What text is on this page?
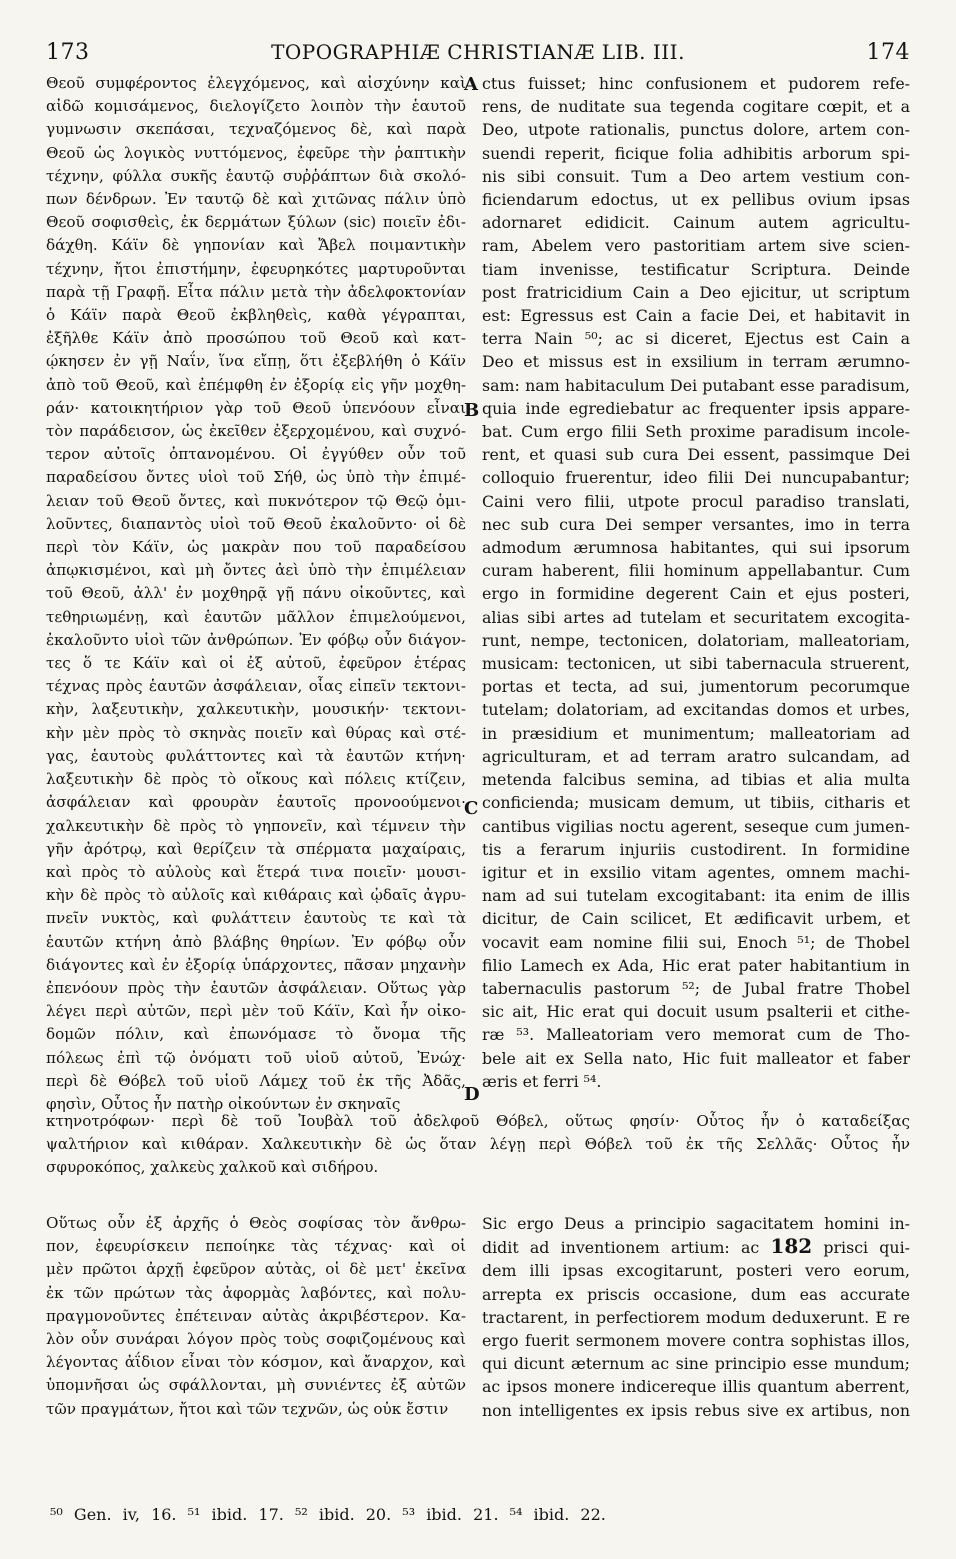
173	TOPOGRAPHIÆ CHRISTIANÆ LIB. III.	174
Θεοῦ συμφέροντος ἐλεγχόμενος, καὶ αἰσχύνην καὶ
αἰδῶ κομισάμενος, διελογίζετο λοιπὸν τὴν ἑαυτοῦ
γυμνωσιν σκεπάσαι, τεχναζόμενος δὲ, καὶ παρὰ
Θεοῦ ὡς λογικὸς νυττόμενος, ἐφεῦρε τὴν ῥαπτικὴν
τέχνην, φύλλα συκῆς ἑαυτῷ συῤῥάπτων διὰ σκολό-
πων δένδρων. Ἐν ταυτῷ δὲ καὶ χιτῶνας πάλιν ὑπὸ
Θεοῦ σοφισθεὶς, ἐκ δερμάτων ξύλων (sic) ποιεῖν ἐδι-
δάχθη. Κάϊν δὲ γηπονίαν καὶ Ἄβελ ποιμαντικὴν
τέχνην, ἤτοι ἐπιστήμην, ἐφευρηκότες μαρτυροῦνται
παρὰ τῇ Γραφῇ. Εἶτα πάλιν μετὰ τὴν ἀδελφοκτονίαν
ὁ Κάϊν παρὰ Θεοῦ ἐκβληθεὶς, καθὰ γέγραπται,
ἐξῆλθε Κάϊν ἀπὸ προσώπου τοῦ Θεοῦ καὶ κατ-
ῴκησεν ἐν γῇ Ναΐν, ἵνα εἴπῃ, ὅτι ἐξεβλήθη ὁ Κάϊν
ἀπὸ τοῦ Θεοῦ, καὶ ἐπέμφθη ἐν ἐξορίᾳ εἰς γῆν μοχθη-
ράν· κατοικητήριον γὰρ τοῦ Θεοῦ ὑπενόουν εἶναι
τὸν παράδεισον, ὡς ἐκεῖθεν ἐξερχομένου, καὶ συχνό-
τερον αὐτοῖς ὀπτανομένου. Οἱ ἐγγύθεν οὖν τοῦ
παραδείσου ὄντες υἱοὶ τοῦ Σήθ, ὡς ὑπὸ τὴν ἐπιμέ-
λειαν τοῦ Θεοῦ ὄντες, καὶ πυκνότερον τῷ Θεῷ ὁμι-
λοῦντες, διαπαντὸς υἱοὶ τοῦ Θεοῦ ἐκαλοῦντο· οἱ δὲ
περὶ τὸν Κάϊν, ὡς μακρὰν που τοῦ παραδείσου
ἀπῳκισμένοι, καὶ μὴ ὄντες ἀεὶ ὑπὸ τὴν ἐπιμέλειαν
τοῦ Θεοῦ, ἀλλ' ἐν μοχθηρᾷ γῇ πάνυ οἰκοῦντες, καὶ
τεθηριωμένῃ, καὶ ἑαυτῶν μᾶλλον ἐπιμελούμενοι,
ἐκαλοῦντο υἱοὶ τῶν ἀνθρώπων. Ἐν φόβῳ οὖν διάγον-
τες ὅ τε Κάϊν καὶ οἱ ἐξ αὐτοῦ, ἐφεῦρον ἑτέρας
τέχνας πρὸς ἑαυτῶν ἀσφάλειαν, οἷας εἰπεῖν τεκτονι-
κὴν, λαξευτικὴν, χαλκευτικὴν, μουσικήν· τεκτονι-
κὴν μὲν πρὸς τὸ σκηνὰς ποιεῖν καὶ θύρας καὶ στέ-
γας, ἑαυτοὺς φυλάττοντες καὶ τὰ ἑαυτῶν κτήνη·
λαξευτικὴν δὲ πρὸς τὸ οἴκους καὶ πόλεις κτίζειν,
ἀσφάλειαν καὶ φρουρὰν ἑαυτοῖς προνοούμενοι·
χαλκευτικὴν δὲ πρὸς τὸ γηπονεῖν, καὶ τέμνειν τὴν
γῆν ἀρότρῳ, καὶ θερίζειν τὰ σπέρματα μαχαίραις,
καὶ πρὸς τὸ αὐλοὺς καὶ ἕτερά τινα ποιεῖν· μουσι-
κὴν δὲ πρὸς τὸ αὐλοῖς καὶ κιθάραις καὶ ᾠδαῖς ἀγρυ-
πνεῖν νυκτὸς, καὶ φυλάττειν ἑαυτοὺς τε καὶ τὰ
ἑαυτῶν κτήνη ἀπὸ βλάβης θηρίων. Ἐν φόβῳ οὖν
διάγοντες καὶ ἐν ἐξορίᾳ ὑπάρχοντες, πᾶσαν μηχανὴν
ἐπενόουν πρὸς τὴν ἑαυτῶν ἀσφάλειαν. Οὕτως γὰρ
λέγει περὶ αὐτῶν, περὶ μὲν τοῦ Κάϊν, Καὶ ἦν οἰκο-
δομῶν πόλιν, καὶ ἐπωνόμασε τὸ ὄνομα τῆς
πόλεως ἐπὶ τῷ ὀνόματι τοῦ υἱοῦ αὐτοῦ, Ἐνώχ·
περὶ δὲ Θόβελ τοῦ υἱοῦ Λάμεχ τοῦ ἐκ τῆς Ἀδᾶς,
φησὶν, Οὗτος ἦν πατὴρ οἰκούντων ἐν σκηναῖς
A
B
C
D
ctus fuisset; hinc confusionem et pudorem refe-
rens, de nuditate sua tegenda cogitare cœpit, et a
Deo, utpote rationalis, punctus dolore, artem con-
suendi reperit, ficique folia adhibitis arborum spi-
nis sibi consuit. Tum a Deo artem vestium con-
ficiendarum edoctus, ut ex pellibus ovium ipsas
adornaret edidicit. Cainum autem agricultu-
ram, Abelem vero pastoritiam artem sive scien-
tiam invenisse, testificatur Scriptura. Deinde
post fratricidium Cain a Deo ejicitur, ut scriptum
est: Egressus est Cain a facie Dei, et habitavit in
terra Nain ⁵⁰; ac si diceret, Ejectus est Cain a
Deo et missus est in exsilium in terram ærumno-
sam: nam habitaculum Dei putabant esse paradisum,
quia inde egrediebatur ac frequenter ipsis appare-
bat. Cum ergo filii Seth proxime paradisum incole-
rent, et quasi sub cura Dei essent, passimque Dei
colloquio fruerentur, ideo filii Dei nuncupabantur;
Caini vero filii, utpote procul paradiso translati,
nec sub cura Dei semper versantes, imo in terra
admodum ærumnosa habitantes, qui sui ipsorum
curam haberent, filii hominum appellabantur. Cum
ergo in formidine degerent Cain et ejus posteri,
alias sibi artes ad tutelam et securitatem excogita-
runt, nempe, tectonicen, dolatoriam, malleatoriam,
musicam: tectonicen, ut sibi tabernacula struerent,
portas et tecta, ad sui, jumentorum pecorumque
tutelam; dolatoriam, ad excitandas domos et urbes,
in præsidium et munimentum; malleatoriam ad
agriculturam, et ad terram aratro sulcandam, ad
metenda falcibus semina, ad tibias et alia multa
conficienda; musicam demum, ut tibiis, citharis et
cantibus vigilias noctu agerent, seseque cum jumen-
tis a ferarum injuriis custodirent. In formidine
igitur et in exsilio vitam agentes, omnem machi-
nam ad sui tutelam excogitabant: ita enim de illis
dicitur, de Cain scilicet, Et ædificavit urbem, et
vocavit eam nomine filii sui, Enoch ⁵¹; de Thobel
filio Lamech ex Ada, Hic erat pater habitantium in
tabernaculis pastorum ⁵²; de Jubal fratre Thobel
sic ait, Hic erat qui docuit usum psalterii et cithe-
ræ ⁵³. Malleatoriam vero memorat cum de Tho-
bele ait ex Sella nato, Hic fuit malleator et faber
æris et ferri ⁵⁴.
κτηνοτρόφων· περὶ δὲ τοῦ Ἰουβὰλ τοῦ ἀδελφοῦ Θόβελ, οὕτως φησίν· Οὗτος ἦν ὁ καταδείξας
ψαλτήριον καὶ κιθάραν. Χαλκευτικὴν δὲ ὡς ὅταν λέγῃ περὶ Θόβελ τοῦ ἐκ τῆς Σελλᾶς· Οὗτος ἦν
σφυροκόπος, χαλκεὺς χαλκοῦ καὶ σιδήρου.
Οὕτως οὖν ἐξ ἀρχῆς ὁ Θεὸς σοφίσας τὸν ἄνθρω-
πον, ἐφευρίσκειν πεποίηκε τὰς τέχνας· καὶ οἱ
μὲν πρῶτοι ἀρχῇ ἐφεῦρον αὐτὰς, οἱ δὲ μετ' ἐκεῖνα
ἐκ τῶν πρώτων τὰς ἀφορμὰς λαβόντες, καὶ πολυ-
πραγμονοῦντες ἐπέτειναν αὐτὰς ἀκριβέστερον. Κα-
λὸν οὖν συνάραι λόγον πρὸς τοὺς σοφιζομένους καὶ
λέγοντας ἀΐδιον εἶναι τὸν κόσμον, καὶ ἄναρχον, καὶ
ὑπομνῆσαι ὡς σφάλλονται, μὴ συνιέντες ἐξ αὐτῶν
τῶν πραγμάτων, ἤτοι καὶ τῶν τεχνῶν, ὡς οὐκ ἔστιν
Sic ergo Deus a principio sagacitatem homini in-
didit ad inventionem artium: ac 182 prisci qui-
dem illi ipsas excogitarunt, posteri vero eorum,
arrepta ex priscis occasione, dum eas accurate
tractarent, in perfectiorem modum deduxerunt. E re
ergo fuerit sermonem movere contra sophistas illos,
qui dicunt æternum ac sine principio esse mundum;
ac ipsos monere indicereque illis quantum aberrent,
non intelligentes ex ipsis rebus sive ex artibus, non
⁵⁰ Gen. iv, 16. ⁵¹ ibid. 17. ⁵² ibid. 20. ⁵³ ibid. 21. ⁵⁴ ibid. 22.
